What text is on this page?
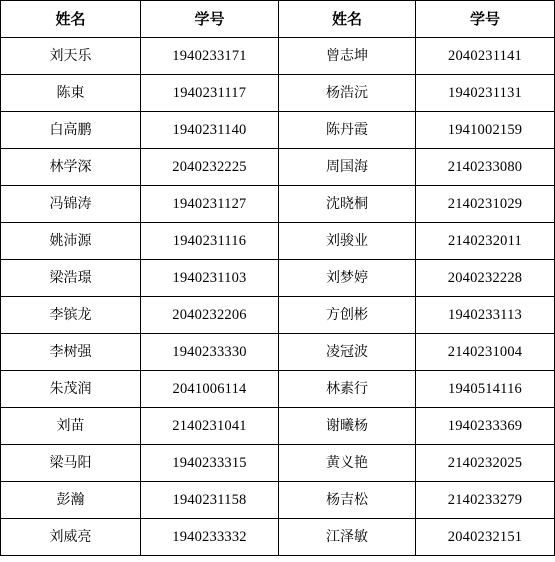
姓名	学号	姓名	学号
刘天乐	1940233171	曾志坤	2040231141
陈東	1940231117	杨浩沅	1940231131
白高鹏	1940231140	陈丹霞	1941002159
林学深	2040232225	周国海	2140233080
冯锦涛	1940231127	沈晓桐	2140231029
姚沛源	1940231116	刘骏业	2140232011
梁浩璟	1940231103	刘梦婷	2040232228
李镔龙	2040232206	方创彬	1940233113
李树强	1940233330	凌冠波	2140231004
朱茂润	2041006114	林素行	1940514116
刘苗	2140231041	谢曦杨	1940233369
梁马阳	1940233315	黄义艳	2140232025
彭瀚	1940231158	杨吉松	2140233279
刘威亮	1940233332	江泽敏	2040232151
